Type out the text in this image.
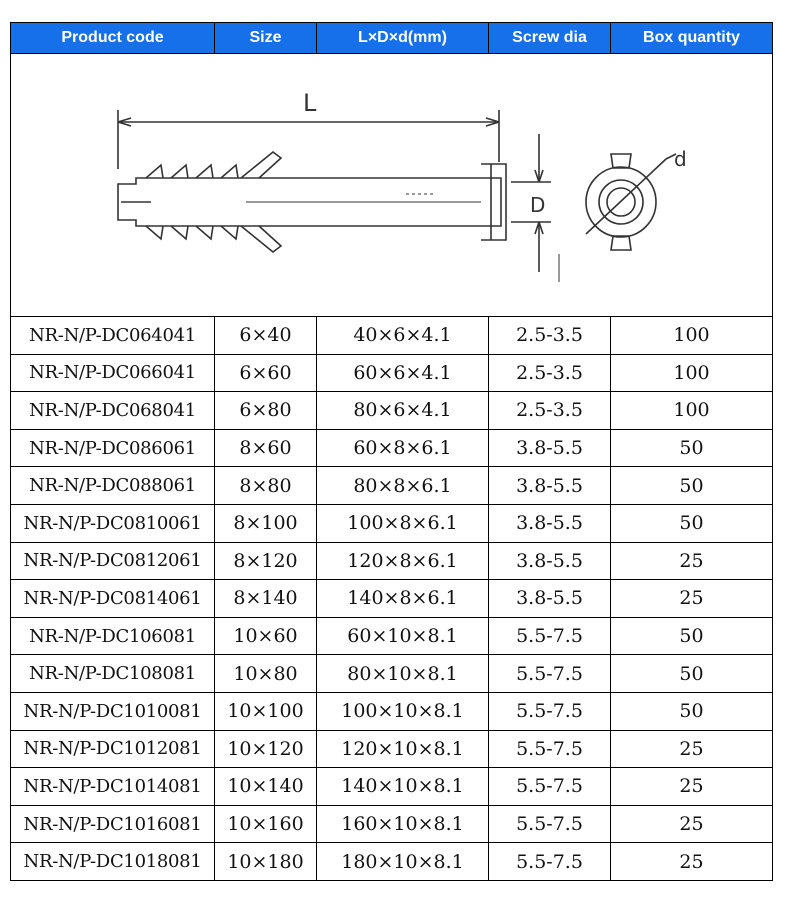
Product code	Size	L×D×d(mm)	Screw dia	Box quantity

L
D
d				

NR-N/P-DC064041	6×40	40×6×4.1	2.5-3.5	100
NR-N/P-DC066041	6×60	60×6×4.1	2.5-3.5	100
NR-N/P-DC068041	6×80	80×6×4.1	2.5-3.5	100
NR-N/P-DC086061	8×60	60×8×6.1	3.8-5.5	50
NR-N/P-DC088061	8×80	80×8×6.1	3.8-5.5	50
NR-N/P-DC0810061	8×100	100×8×6.1	3.8-5.5	50
NR-N/P-DC0812061	8×120	120×8×6.1	3.8-5.5	25
NR-N/P-DC0814061	8×140	140×8×6.1	3.8-5.5	25
NR-N/P-DC106081	10×60	60×10×8.1	5.5-7.5	50
NR-N/P-DC108081	10×80	80×10×8.1	5.5-7.5	50
NR-N/P-DC1010081	10×100	100×10×8.1	5.5-7.5	50
NR-N/P-DC1012081	10×120	120×10×8.1	5.5-7.5	25
NR-N/P-DC1014081	10×140	140×10×8.1	5.5-7.5	25
NR-N/P-DC1016081	10×160	160×10×8.1	5.5-7.5	25
NR-N/P-DC1018081	10×180	180×10×8.1	5.5-7.5	25
